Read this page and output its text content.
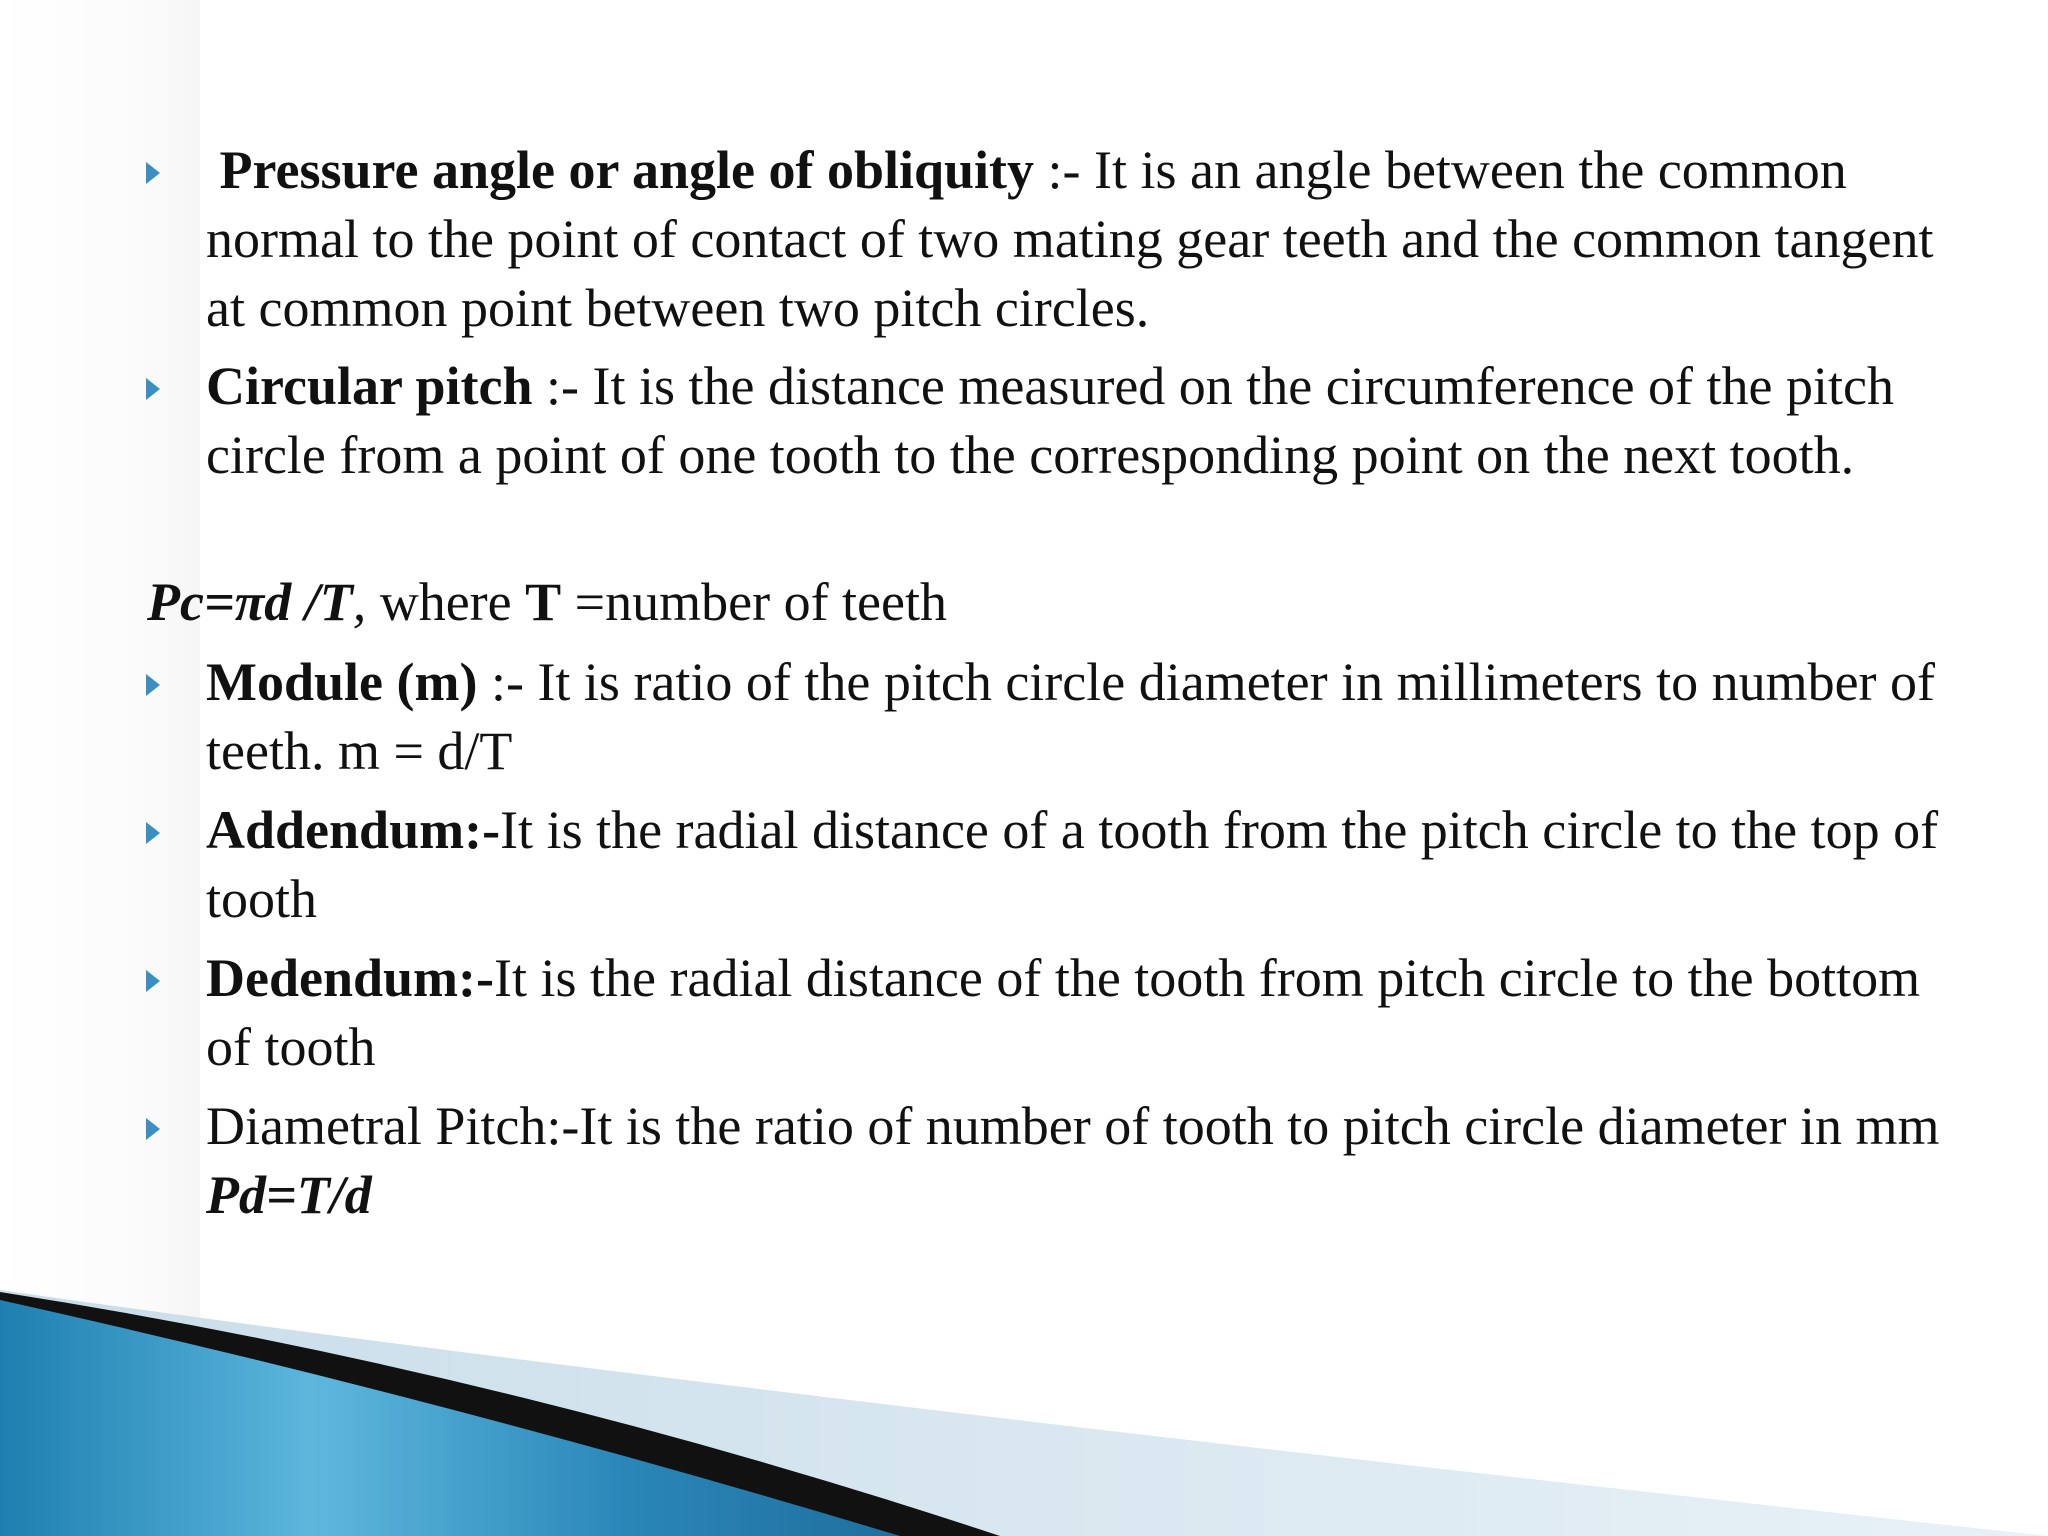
Pressure angle or angle of obliquity :- It is an angle between the common normal to the point of contact of two mating gear teeth and the common tangent at common point between two pitch circles.
Circular pitch :- It is the distance measured on the circumference of the pitch circle from a point of one tooth to the corresponding point on the next tooth.
Pc=πd /T, where T =number of teeth
Module (m) :- It is ratio of the pitch circle diameter in millimeters to number of teeth. m = d/T
Addendum:-It is the radial distance of a tooth from the pitch circle to the top of tooth
Dedendum:-It is the radial distance of the tooth from pitch circle to the bottom of tooth
Diametral Pitch:-It is the ratio of number of tooth to pitch circle diameter in mm Pd=T/d
